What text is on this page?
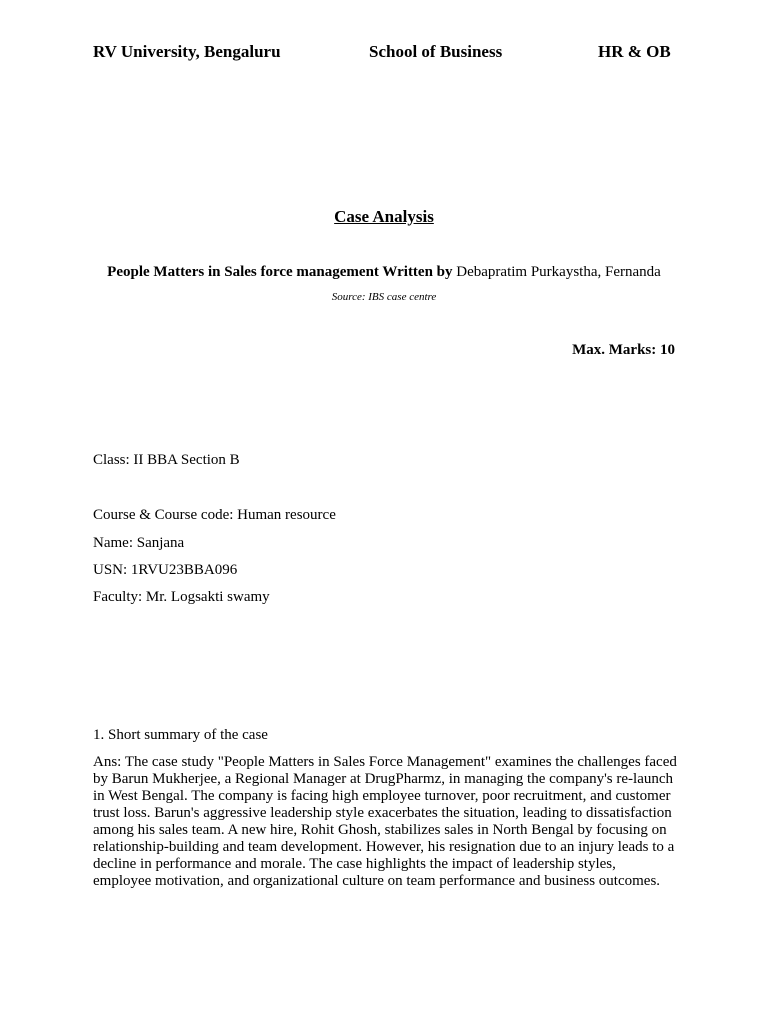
RV University, Bengaluru	School of Business	HR & OB
Case Analysis
People Matters in Sales force management Written by Debapratim Purkaystha, Fernanda
Source: IBS case centre
Max. Marks: 10
Class: II BBA Section B
Course & Course code: Human resource
Name: Sanjana
USN: 1RVU23BBA096
Faculty: Mr. Logsakti swamy
1. Short summary of the case
Ans: The case study "People Matters in Sales Force Management" examines the challenges faced by Barun Mukherjee, a Regional Manager at DrugPharmz, in managing the company's re-launch in West Bengal. The company is facing high employee turnover, poor recruitment, and customer trust loss. Barun's aggressive leadership style exacerbates the situation, leading to dissatisfaction among his sales team. A new hire, Rohit Ghosh, stabilizes sales in North Bengal by focusing on relationship-building and team development. However, his resignation due to an injury leads to a decline in performance and morale. The case highlights the impact of leadership styles, employee motivation, and organizational culture on team performance and business outcomes.
